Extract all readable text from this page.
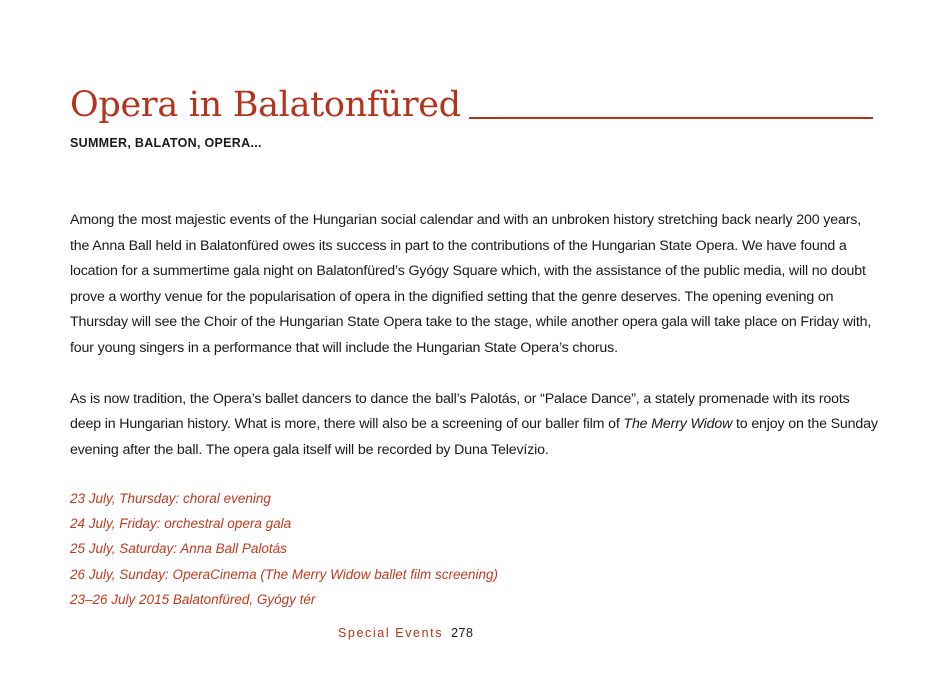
Opera in Balatonfüred
SUMMER, BALATON, OPERA...

Among the most majestic events of the Hungarian social calendar and with an unbroken history stretching back nearly 200 years, the Anna Ball held in Balatonfüred owes its success in part to the contributions of the Hungarian State Opera. We have found a location for a summertime gala night on Balatonfüred’s Gyógy Square which, with the assistance of the public media, will no doubt prove a worthy venue for the popularisation of opera in the dignified setting that the genre deserves. The opening evening on Thursday will see the Choir of the Hungarian State Opera take to the stage, while another opera gala will take place on Friday with, four young singers in a performance that will include the Hungarian State Opera’s chorus.

As is now tradition, the Opera’s ballet dancers to dance the ball’s Palotás, or “Palace Dance”, a stately promenade with its roots deep in Hungarian history. What is more, there will also be a screening of our baller film of The Merry Widow to enjoy on the Sunday evening after the ball. The opera gala itself will be recorded by Duna Televízio.

23 July, Thursday: choral evening
24 July, Friday: orchestral opera gala
25 July, Saturday: Anna Ball Palotás
26 July, Sunday: OperaCinema (The Merry Widow ballet film screening)
23–26 July 2015 Balatonfüred, Gyógy tér
Special Events 278
